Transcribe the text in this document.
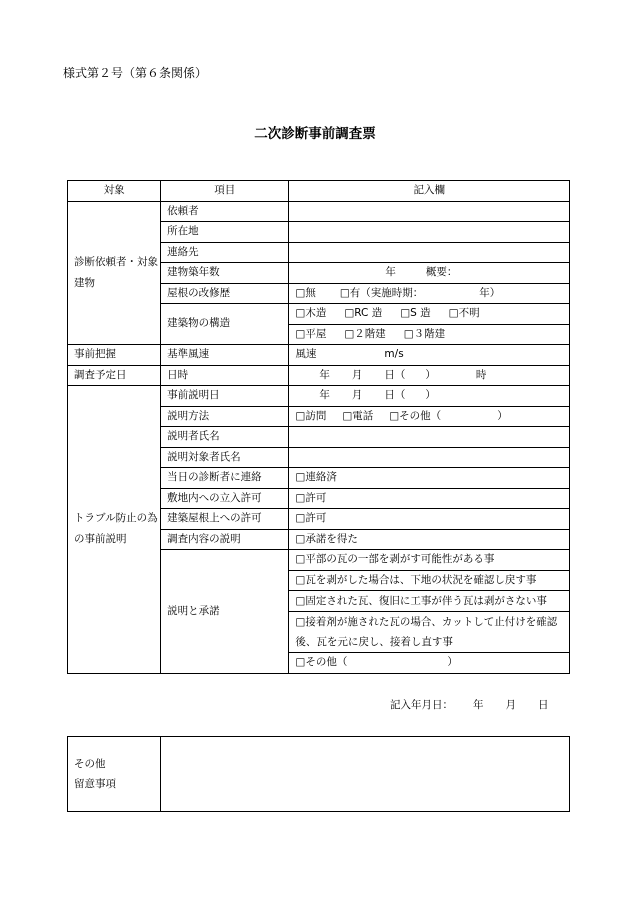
様式第２号（第６条関係）
二次診断事前調査票
対象	項目	記入欄
診断依頼者・対象建物	依頼者	
	所在地	
	連絡先	
	建物築年数	年 概要：
	屋根の改修歴	□無 □有（実施時期： 年）
	建築物の構造	□木造 □RC 造 □S 造 □不明
		□平屋 □２階建 □３階建
事前把握	基準風速	風速 m/s
調査予定日	日時	年 月 日（ ） 時
トラブル防止の為の事前説明	事前説明日	年 月 日（ ）
	説明方法	□訪問 □電話 □その他（ ）
	説明者氏名	
	説明対象者氏名	
	当日の診断者に連絡	□連絡済
	敷地内への立入許可	□許可
	建築屋根上への許可	□許可
	調査内容の説明	□承諾を得た
	説明と承諾	□平部の瓦の一部を剥がす可能性がある事
		□瓦を剥がした場合は、下地の状況を確認し戻す事
		□固定された瓦、復旧に工事が伴う瓦は剥がさない事

		□接着剤が施された瓦の場合、カットして止付けを確認後、瓦を元に戻し、接着し直す事

		□その他（ ）
記入年月日： 年 月 日
その他
留意事項
